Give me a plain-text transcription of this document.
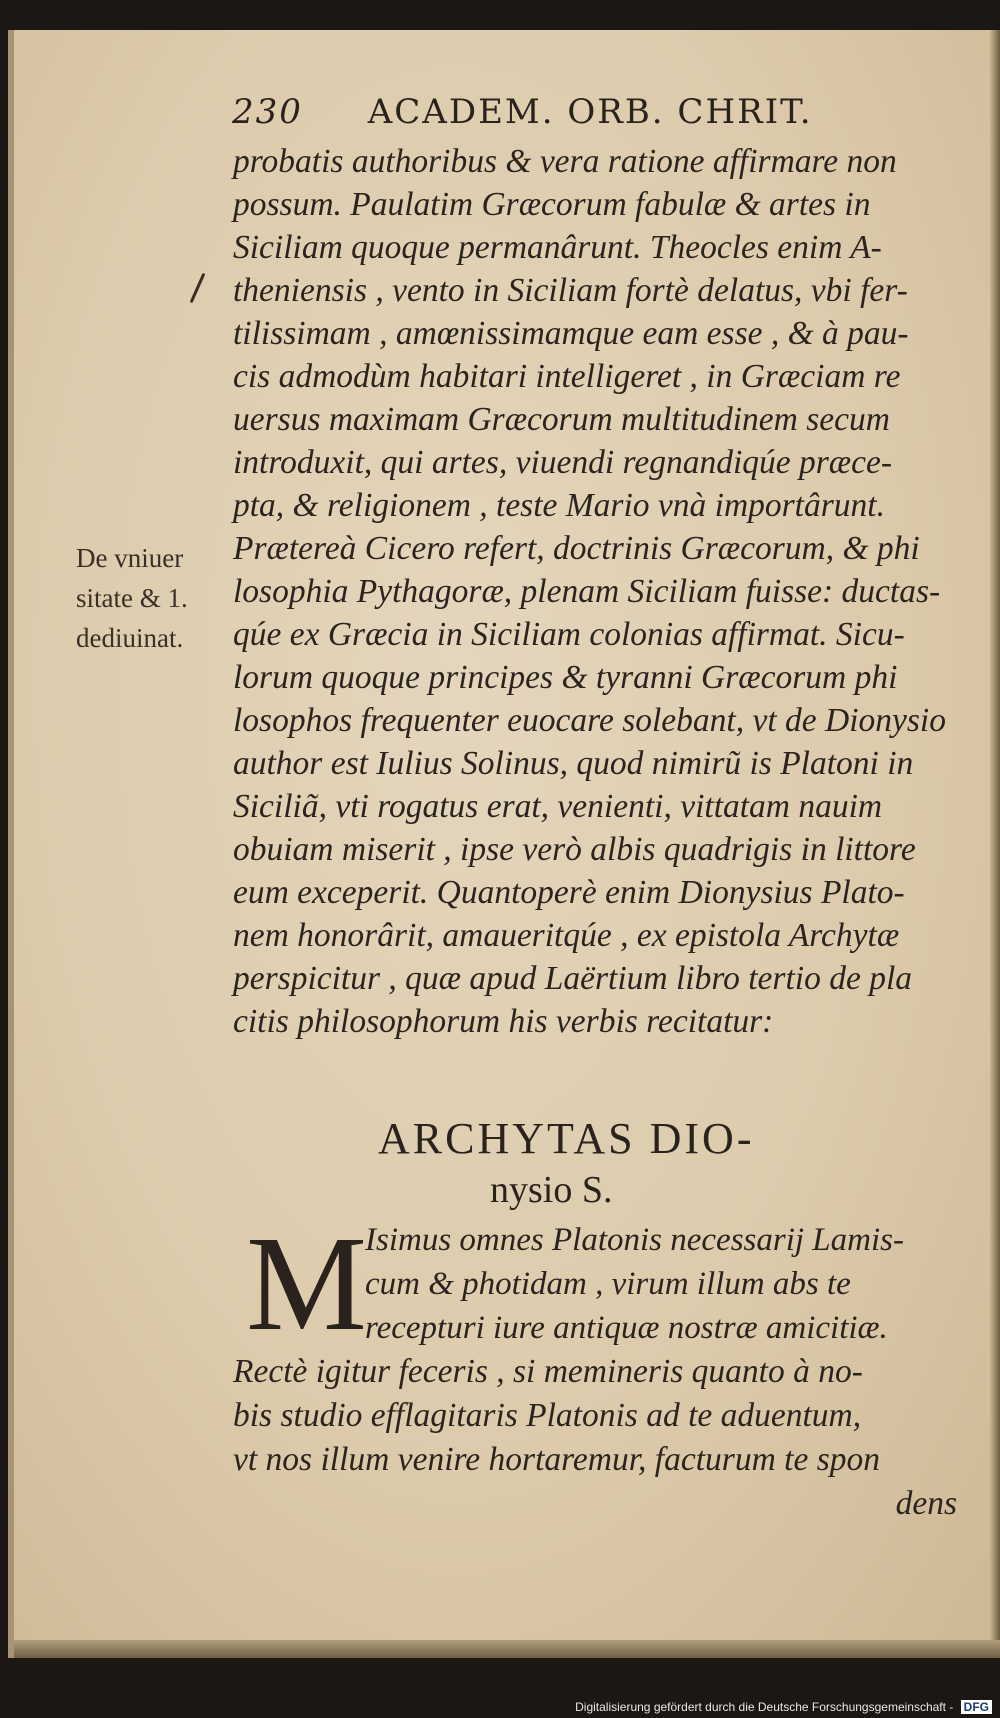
230 ACADEM. ORB. CHRIT.
probatis authoribus & vera ratione affirmare non
possum. Paulatim Græcorum fabulæ & artes in
Siciliam quoque permanârunt. Theocles enim A-
theniensis , vento in Siciliam fortè delatus, vbi fer-
tilissimam , amœnissimamque eam esse , & à pau-
cis admodùm habitari intelligeret , in Græciam re
uersus maximam Græcorum multitudinem secum
introduxit, qui artes, viuendi regnandiqúe præce-
pta, & religionem , teste Mario vnà importârunt.
Prætereà Cicero refert, doctrinis Græcorum, & phi
losophia Pythagoræ, plenam Siciliam fuisse: ductas-
qúe ex Græcia in Siciliam colonias affirmat. Sicu-
lorum quoque principes & tyranni Græcorum phi
losophos frequenter euocare solebant, vt de Dionysio
author est Iulius Solinus, quod nimirũ is Platoni in
Siciliã, vti rogatus erat, venienti, vittatam nauim
obuiam miserit , ipse verò albis quadrigis in littore
eum exceperit. Quantoperè enim Dionysius Plato-
nem honorârit, amaueritqúe , ex epistola Archytæ
perspicitur , quæ apud Laërtium libro tertio de pla
citis philosophorum his verbis recitatur:
De vniuer
sitate & 1.
dediuinat.
ARCHYTAS DIO-
nysio S.
M
Isimus omnes Platonis necessarij Lamis-
cum & photidam , virum illum abs te
recepturi iure antiquæ nostræ amicitiæ.
Rectè igitur feceris , si memineris quanto à no-
bis studio efflagitaris Platonis ad te aduentum,
vt nos illum venire hortaremur, facturum te spon
dens
Digitalisierung gefördert durch die Deutsche Forschungsgemeinschaft - DFG
